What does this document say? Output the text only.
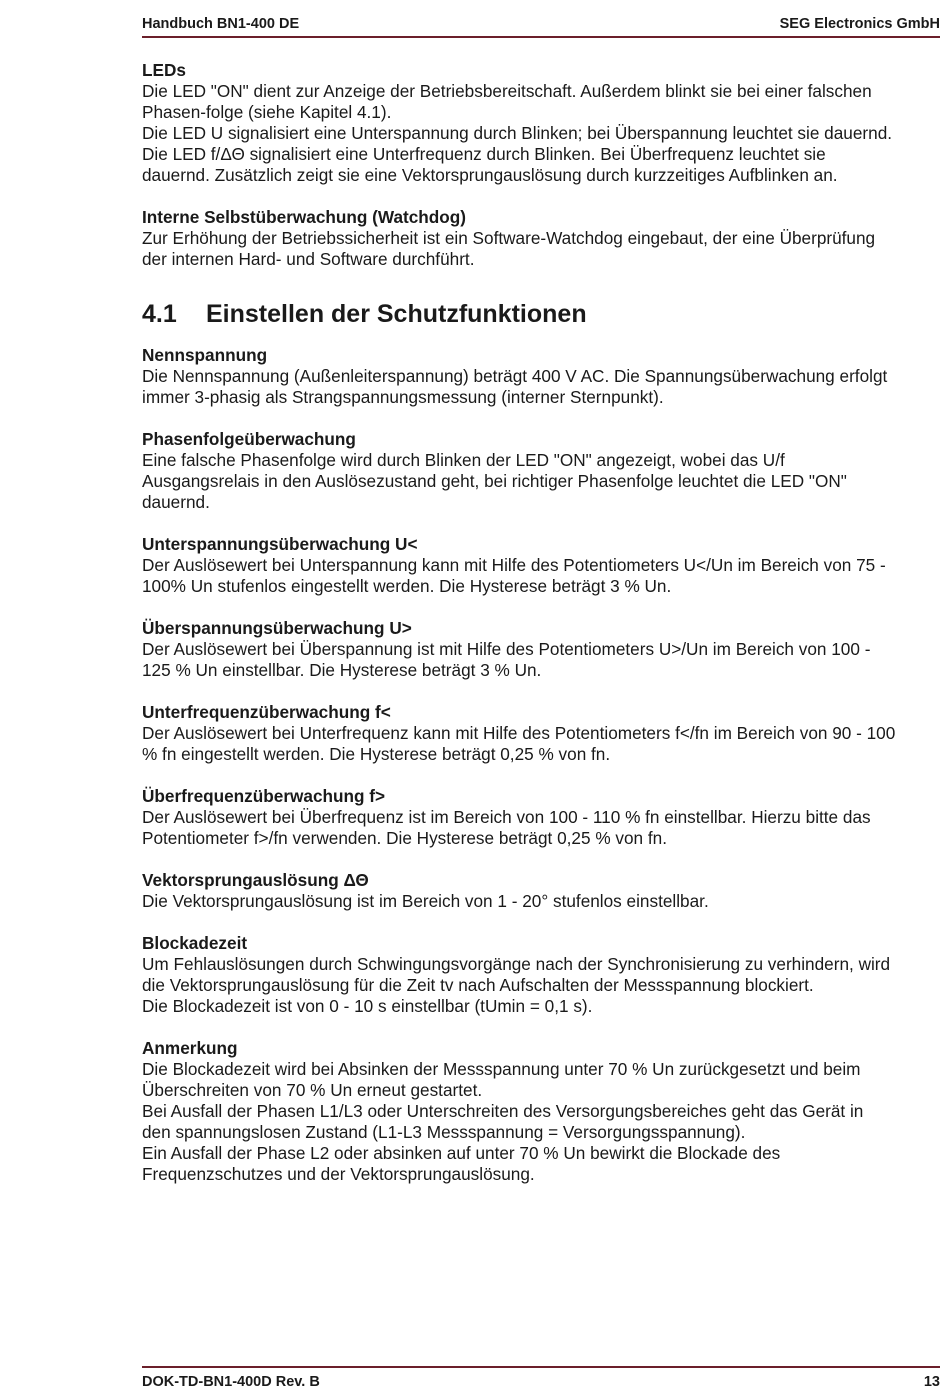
Handbuch BN1-400 DE	SEG Electronics GmbH
LEDs

Die LED "ON" dient zur Anzeige der Betriebsbereitschaft. Außerdem blinkt sie bei einer falschen
Phasen-folge (siehe Kapitel 4.1).
Die LED U signalisiert eine Unterspannung durch Blinken; bei Überspannung leuchtet sie dauernd.
Die LED f/ΔΘ signalisiert eine Unterfrequenz durch Blinken. Bei Überfrequenz leuchtet sie
dauernd. Zusätzlich zeigt sie eine Vektorsprungauslösung durch kurzzeitiges Aufblinken an.

Interne Selbstüberwachung (Watchdog)

Zur Erhöhung der Betriebssicherheit ist ein Software-Watchdog eingebaut, der eine Überprüfung
der internen Hard- und Software durchführt.

4.1 Einstellen der Schutzfunktionen
Nennspannung

Die Nennspannung (Außenleiterspannung) beträgt 400 V AC. Die Spannungsüberwachung erfolgt
immer 3-phasig als Strangspannungsmessung (interner Sternpunkt).

Phasenfolgeüberwachung

Eine falsche Phasenfolge wird durch Blinken der LED "ON" angezeigt, wobei das U/f
Ausgangsrelais in den Auslösezustand geht, bei richtiger Phasenfolge leuchtet die LED "ON"
dauernd.

Unterspannungsüberwachung U<

Der Auslösewert bei Unterspannung kann mit Hilfe des Potentiometers U</Un im Bereich von 75 -
100% Un stufenlos eingestellt werden. Die Hysterese beträgt 3 % Un.

Überspannungsüberwachung U>

Der Auslösewert bei Überspannung ist mit Hilfe des Potentiometers U>/Un im Bereich von 100 -
125 % Un einstellbar. Die Hysterese beträgt 3 % Un.

Unterfrequenzüberwachung f<

Der Auslösewert bei Unterfrequenz kann mit Hilfe des Potentiometers f</fn im Bereich von 90 - 100
% fn eingestellt werden. Die Hysterese beträgt 0,25 % von fn.

Überfrequenzüberwachung f>

Der Auslösewert bei Überfrequenz ist im Bereich von 100 - 110 % fn einstellbar. Hierzu bitte das
Potentiometer f>/fn verwenden. Die Hysterese beträgt 0,25 % von fn.

Vektorsprungauslösung ΔΘ

Die Vektorsprungauslösung ist im Bereich von 1 - 20° stufenlos einstellbar.

Blockadezeit

Um Fehlauslösungen durch Schwingungsvorgänge nach der Synchronisierung zu verhindern, wird
die Vektorsprungauslösung für die Zeit tv nach Aufschalten der Messspannung blockiert.
Die Blockadezeit ist von 0 - 10 s einstellbar (tUmin = 0,1 s).

Anmerkung

Die Blockadezeit wird bei Absinken der Messspannung unter 70 % Un zurückgesetzt und beim
Überschreiten von 70 % Un erneut gestartet.
Bei Ausfall der Phasen L1/L3 oder Unterschreiten des Versorgungsbereiches geht das Gerät in
den spannungslosen Zustand (L1-L3 Messspannung = Versorgungsspannung).
Ein Ausfall der Phase L2 oder absinken auf unter 70 % Un bewirkt die Blockade des
Frequenzschutzes und der Vektorsprungauslösung.

DOK-TD-BN1-400D Rev. B	13
